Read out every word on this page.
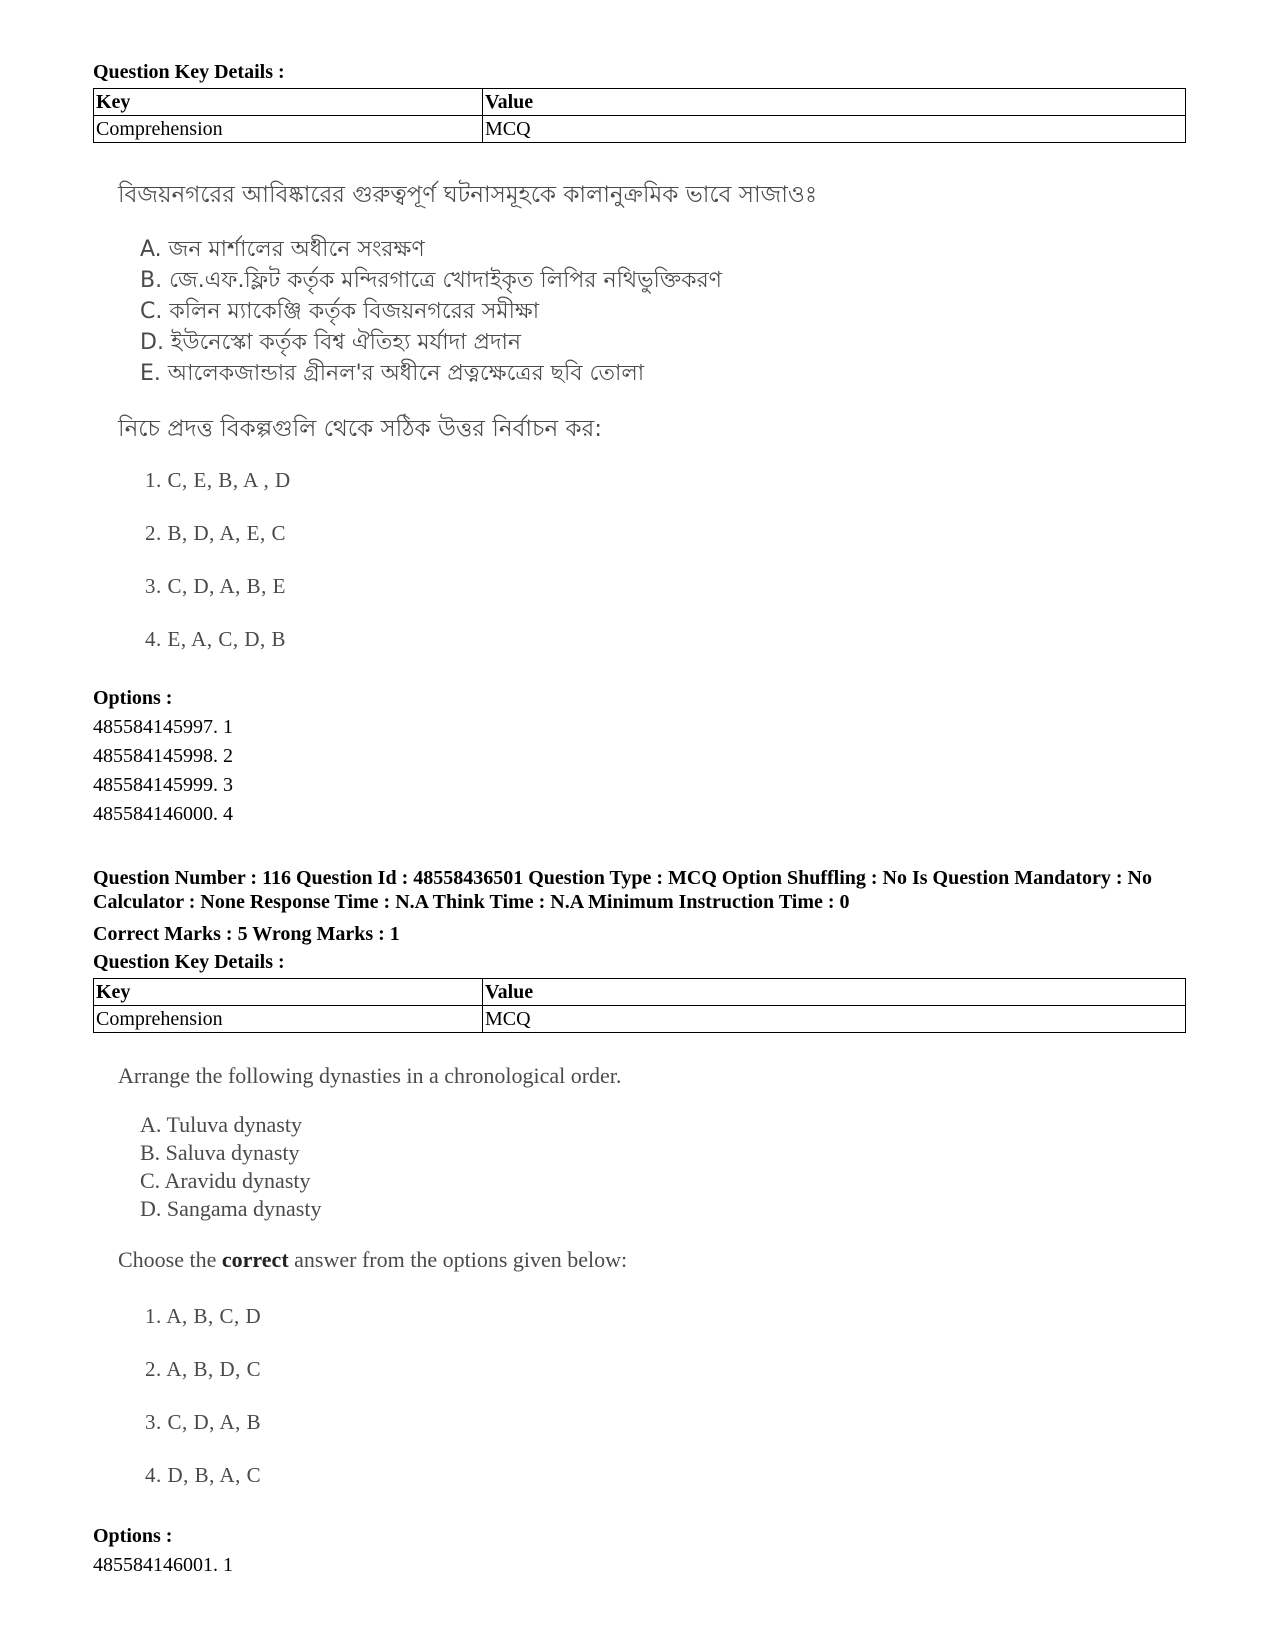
Question Key Details :
Key	Value
Comprehension	MCQ
বিজয়নগরের আবিষ্কারের গুরুত্বপূর্ণ ঘটনাসমূহকে কালানুক্রমিক ভাবে সাজাওঃ
A. জন মার্শালের অধীনে সংরক্ষণ
B. জে.এফ.ফ্লিট কর্তৃক মন্দিরগাত্রে খোদাইকৃত লিপির নথিভুক্তিকরণ
C. কলিন ম্যাকেঞ্জি কর্তৃক বিজয়নগরের সমীক্ষা
D. ইউনেস্কো কর্তৃক বিশ্ব ঐতিহ্য মর্যাদা প্রদান
E. আলেকজান্ডার গ্রীনল'র অধীনে প্রত্নক্ষেত্রের ছবি তোলা
নিচে প্রদত্ত বিকল্পগুলি থেকে সঠিক উত্তর নির্বাচন কর:
1. C, E, B, A , D
2. B, D, A, E, C
3. C, D, A, B, E
4. E, A, C, D, B
Options :
485584145997. 1
485584145998. 2
485584145999. 3
485584146000. 4
Question Number : 116 Question Id : 48558436501 Question Type : MCQ Option Shuffling : No Is Question Mandatory : No Calculator : None Response Time : N.A Think Time : N.A Minimum Instruction Time : 0
Correct Marks : 5 Wrong Marks : 1
Question Key Details :
Key	Value
Comprehension	MCQ
Arrange the following dynasties in a chronological order.
A. Tuluva dynasty
B. Saluva dynasty
C. Aravidu dynasty
D. Sangama dynasty
Choose the correct answer from the options given below:
1. A, B, C, D
2. A, B, D, C
3. C, D, A, B
4. D, B, A, C
Options :
485584146001. 1
